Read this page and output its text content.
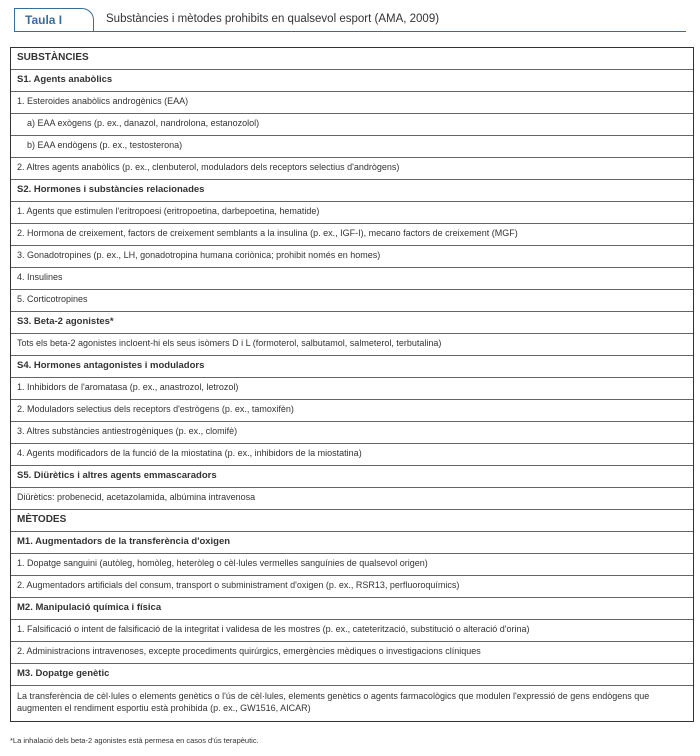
Taula I	Substàncies i mètodes prohibits en qualsevol esport (AMA, 2009)
SUBSTÀNCIES
S1. Agents anabòlics
1. Esteroides anabòlics androgènics (EAA)
a) EAA exògens (p. ex., danazol, nandrolona, estanozolol)
b) EAA endògens (p. ex., testosterona)
2. Altres agents anabòlics (p. ex., clenbuterol, moduladors dels receptors selectius d'andrògens)
S2. Hormones i substàncies relacionades
1. Agents que estimulen l'eritropoesi (eritropoetina, darbepoetina, hematide)
2. Hormona de creixement, factors de creixement semblants a la insulina (p. ex., IGF-I), mecano factors de creixement (MGF)
3. Gonadotropines (p. ex., LH, gonadotropina humana coriònica; prohibit només en homes)
4. Insulines
5. Corticotropines
S3. Beta-2 agonistes*
Tots els beta-2 agonistes incloent-hi els seus isòmers D i L (formoterol, salbutamol, salmeterol, terbutalina)
S4. Hormones antagonistes i moduladors
1. Inhibidors de l'aromatasa (p. ex., anastrozol, letrozol)
2. Moduladors selectius dels receptors d'estrògens (p. ex., tamoxifèn)
3. Altres substàncies antiestrogèniques (p. ex., clomifè)
4. Agents modificadors de la funció de la miostatina (p. ex., inhibidors de la miostatina)
S5. Diürètics i altres agents emmascaradors
Diürètics: probenecid, acetazolamida, albúmina intravenosa
MÈTODES
M1. Augmentadors de la transferència d'oxigen
1. Dopatge sanguini (autòleg, homòleg, heteròleg o cèl·lules vermelles sanguínies de qualsevol origen)
2. Augmentadors artificials del consum, transport o subministrament d'oxigen (p. ex., RSR13, perfluoroquímics)
M2. Manipulació química i física
1. Falsificació o intent de falsificació de la integritat i validesa de les mostres (p. ex., cateterització, substitució o alteració d'orina)
2. Administracions intravenoses, excepte procediments quirúrgics, emergències mèdiques o investigacions clíniques
M3. Dopatge genètic
La transferència de cèl·lules o elements genètics o l'ús de cèl·lules, elements genètics o agents farmacològics que modulen l'expressió de gens endògens que augmenten el rendiment esportiu està prohibida (p. ex., GW1516, AICAR)
*La inhalació dels beta-2 agonistes està permesa en casos d'ús terapèutic.
